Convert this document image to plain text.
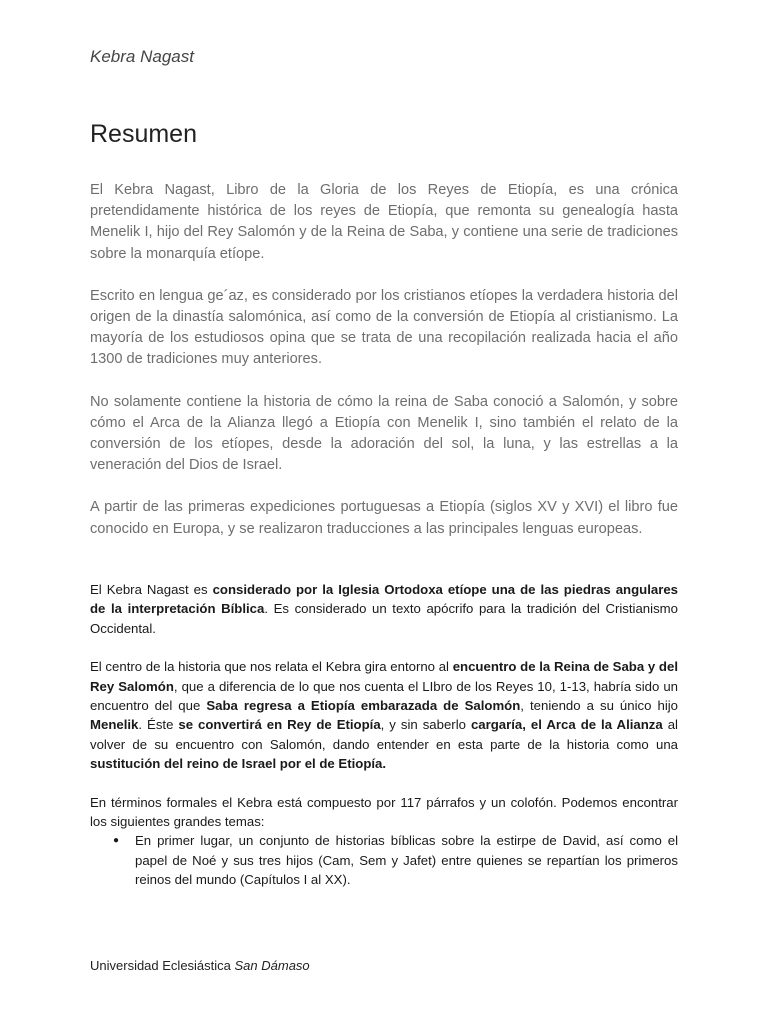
Kebra Nagast
Resumen

El Kebra Nagast, Libro de la Gloria de los Reyes de Etiopía, es una crónica pretendidamente histórica de los reyes de Etiopía, que remonta su genealogía hasta Menelik I, hijo del Rey Salomón y de la Reina de Saba, y contiene una serie de tradiciones sobre la monarquía etíope.

Escrito en lengua ge´az, es considerado por los cristianos etíopes la verdadera historia del origen de la dinastía salomónica, así como de la conversión de Etiopía al cristianismo. La mayoría de los estudiosos opina que se trata de una recopilación realizada hacia el año 1300 de tradiciones muy anteriores.

No solamente contiene la historia de cómo la reina de Saba conoció a Salomón, y sobre cómo el Arca de la Alianza llegó a Etiopía con Menelik I, sino también el relato de la conversión de los etíopes, desde la adoración del sol, la luna, y las estrellas a la veneración del Dios de Israel.

A partir de las primeras expediciones portuguesas a Etiopía (siglos XV y XVI) el libro fue conocido en Europa, y se realizaron traducciones a las principales lenguas europeas.

El Kebra Nagast es considerado por la Iglesia Ortodoxa etíope una de las piedras angulares de la interpretación Bíblica. Es considerado un texto apócrifo para la tradición del Cristianismo Occidental.

El centro de la historia que nos relata el Kebra gira entorno al encuentro de la Reina de Saba y del Rey Salomón, que a diferencia de lo que nos cuenta el LIbro de los Reyes 10, 1-13, habría sido un encuentro del que Saba regresa a Etiopía embarazada de Salomón, teniendo a su único hijo Menelik. Éste se convertirá en Rey de Etiopía, y sin saberlo cargaría, el Arca de la Alianza al volver de su encuentro con Salomón, dando entender en esta parte de la historia como una sustitución del reino de Israel por el de Etiopía.

En términos formales el Kebra está compuesto por 117 párrafos y un colofón. Podemos encontrar los siguientes grandes temas:

● En primer lugar, un conjunto de historias bíblicas sobre la estirpe de David, así como el papel de Noé y sus tres hijos (Cam, Sem y Jafet) entre quienes se repartían los primeros reinos del mundo (Capítulos I al XX).
Universidad Eclesiástica San Dámaso
